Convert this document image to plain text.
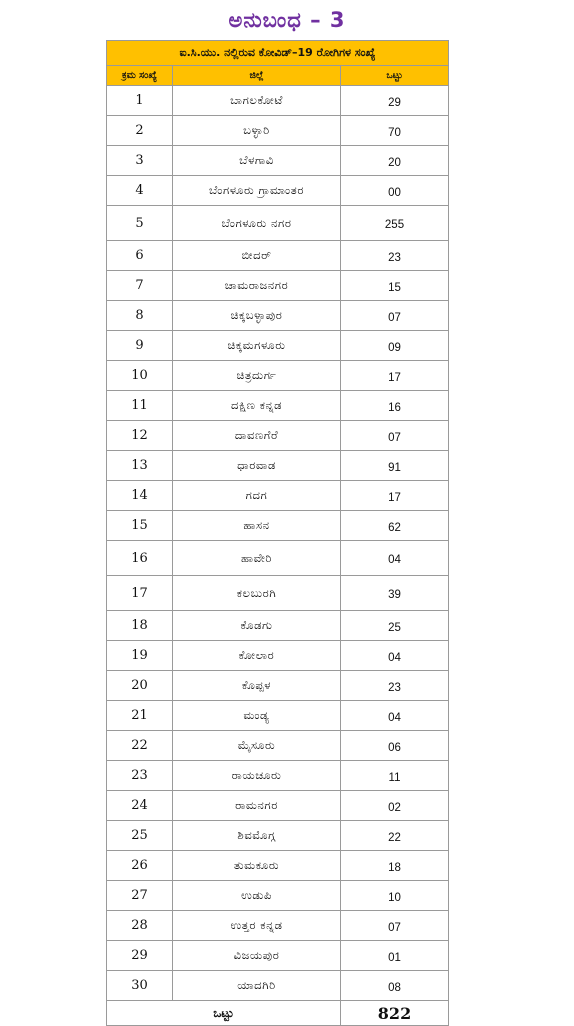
ಅನುಬಂಧ – 3
ಐ.ಸಿ.ಯು. ನಲ್ಲಿರುವ ಕೋವಿಡ್‌–19 ರೋಗಿಗಳ ಸಂಖ್ಯೆ		
ಕ್ರಮ ಸಂಖ್ಯೆ	ಜಿಲ್ಲೆ	ಒಟ್ಟು
1	ಬಾಗಲಕೋಟೆ	29
2	ಬಳ್ಳಾರಿ	70
3	ಬೆಳಗಾವಿ	20
4	ಬೆಂಗಳೂರು ಗ್ರಾಮಾಂತರ	00
5	ಬೆಂಗಳೂರು ನಗರ	255
6	ಬೀದರ್	23
7	ಚಾಮರಾಜನಗರ	15
8	ಚಿಕ್ಕಬಳ್ಳಾಪುರ	07
9	ಚಿಕ್ಕಮಗಳೂರು	09
10	ಚಿತ್ರದುರ್ಗ	17
11	ದಕ್ಷಿಣ ಕನ್ನಡ	16
12	ದಾವಣಗೆರೆ	07
13	ಧಾರವಾಡ	91
14	ಗದಗ	17
15	ಹಾಸನ	62
16	ಹಾವೇರಿ	04
17	ಕಲಬುರಗಿ	39
18	ಕೊಡಗು	25
19	ಕೋಲಾರ	04
20	ಕೊಪ್ಪಳ	23
21	ಮಂಡ್ಯ	04
22	ಮೈಸೂರು	06
23	ರಾಯಚೂರು	11
24	ರಾಮನಗರ	02
25	ಶಿವಮೊಗ್ಗ	22
26	ತುಮಕೂರು	18
27	ಉಡುಪಿ	10
28	ಉತ್ತರ ಕನ್ನಡ	07
29	ವಿಜಯಪುರ	01
30	ಯಾದಗಿರಿ	08
ಒಟ್ಟು		822
